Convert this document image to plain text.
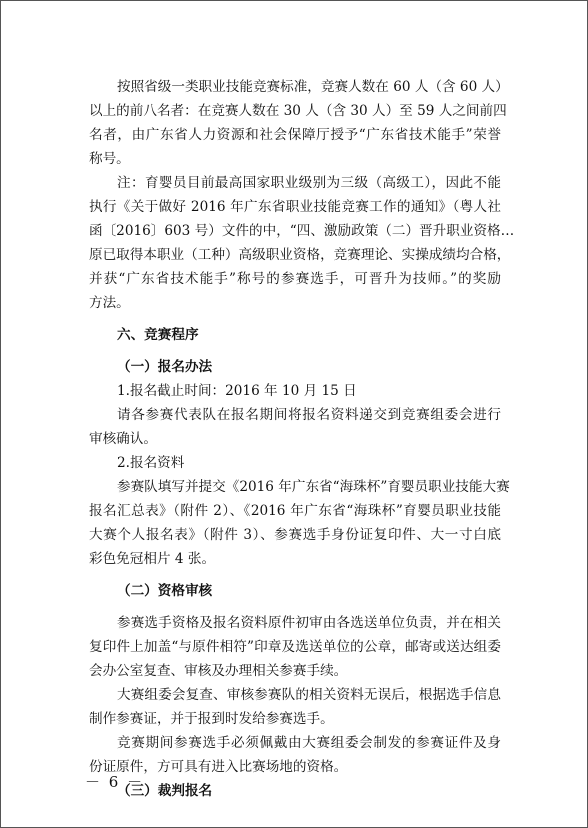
按照省级一类职业技能竞赛标准，竞赛人数在 60 人（含 60 人）
以上的前八名者：在竞赛人数在 30 人（含 30 人）至 59 人之间前四
名者，由广东省人力资源和社会保障厅授予“广东省技术能手”荣誉
称号。
注：育婴员目前最高国家职业级别为三级（高级工），因此不能
执行《关于做好 2016 年广东省职业技能竞赛工作的通知》（粤人社
函〔2016〕603 号）文件的中，“四、激励政策（二）晋升职业资格…
原已取得本职业（工种）高级职业资格，竞赛理论、实操成绩均合格，
并获“广东省技术能手”称号的参赛选手，可晋升为技师。”的奖励
方法。
六、竞赛程序
（一）报名办法
1.报名截止时间：2016 年 10 月 15 日
请各参赛代表队在报名期间将报名资料递交到竞赛组委会进行
审核确认。
2.报名资料
参赛队填写并提交《2016 年广东省“海珠杯”育婴员职业技能大赛
报名汇总表》（附件 2）、《2016 年广东省“海珠杯”育婴员职业技能
大赛个人报名表》（附件 3）、参赛选手身份证复印件、大一寸白底
彩色免冠相片 4 张。
（二）资格审核
参赛选手资格及报名资料原件初审由各选送单位负责，并在相关
复印件上加盖“与原件相符”印章及选送单位的公章，邮寄或送达组委
会办公室复查、审核及办理相关参赛手续。
大赛组委会复查、审核参赛队的相关资料无误后，根据选手信息
制作参赛证，并于报到时发给参赛选手。
竞赛期间参赛选手必须佩戴由大赛组委会制发的参赛证件及身
份证原件，方可具有进入比赛场地的资格。
（三）裁判报名
－ 6 －
